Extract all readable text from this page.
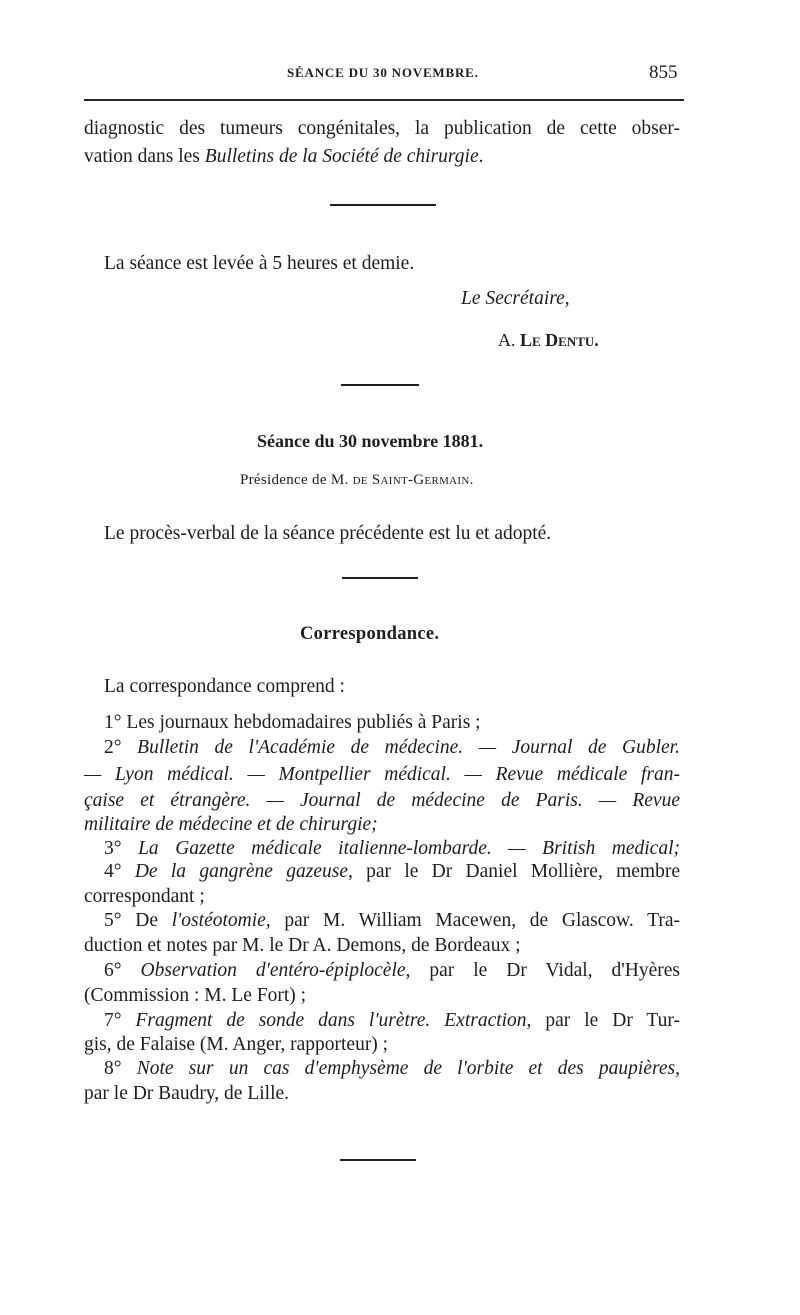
SÉANCE DU 30 NOVEMBRE.	855
diagnostic des tumeurs congénitales, la publication de cette obser-
vation dans les Bulletins de la Société de chirurgie.
La séance est levée à 5 heures et demie.
Le Secrétaire,
A. Le Dentu.
Séance du 30 novembre 1881.
Présidence de M. de Saint-Germain.
Le procès-verbal de la séance précédente est lu et adopté.
Correspondance.
La correspondance comprend :
1° Les journaux hebdomadaires publiés à Paris ;
2° Bulletin de l'Académie de médecine. — Journal de Gubler.
— Lyon médical. — Montpellier médical. — Revue médicale fran-
çaise et étrangère. — Journal de médecine de Paris. — Revue
militaire de médecine et de chirurgie;
3° La Gazette médicale italienne-lombarde. — British medical;
4° De la gangrène gazeuse, par le Dr Daniel Mollière, membre
correspondant ;
5° De l'ostéotomie, par M. William Macewen, de Glascow. Tra-
duction et notes par M. le Dr A. Demons, de Bordeaux ;
6° Observation d'entéro-épiplocèle, par le Dr Vidal, d'Hyères
(Commission : M. Le Fort) ;
7° Fragment de sonde dans l'urètre. Extraction, par le Dr Tur-
gis, de Falaise (M. Anger, rapporteur) ;
8° Note sur un cas d'emphysème de l'orbite et des paupières,
par le Dr Baudry, de Lille.
